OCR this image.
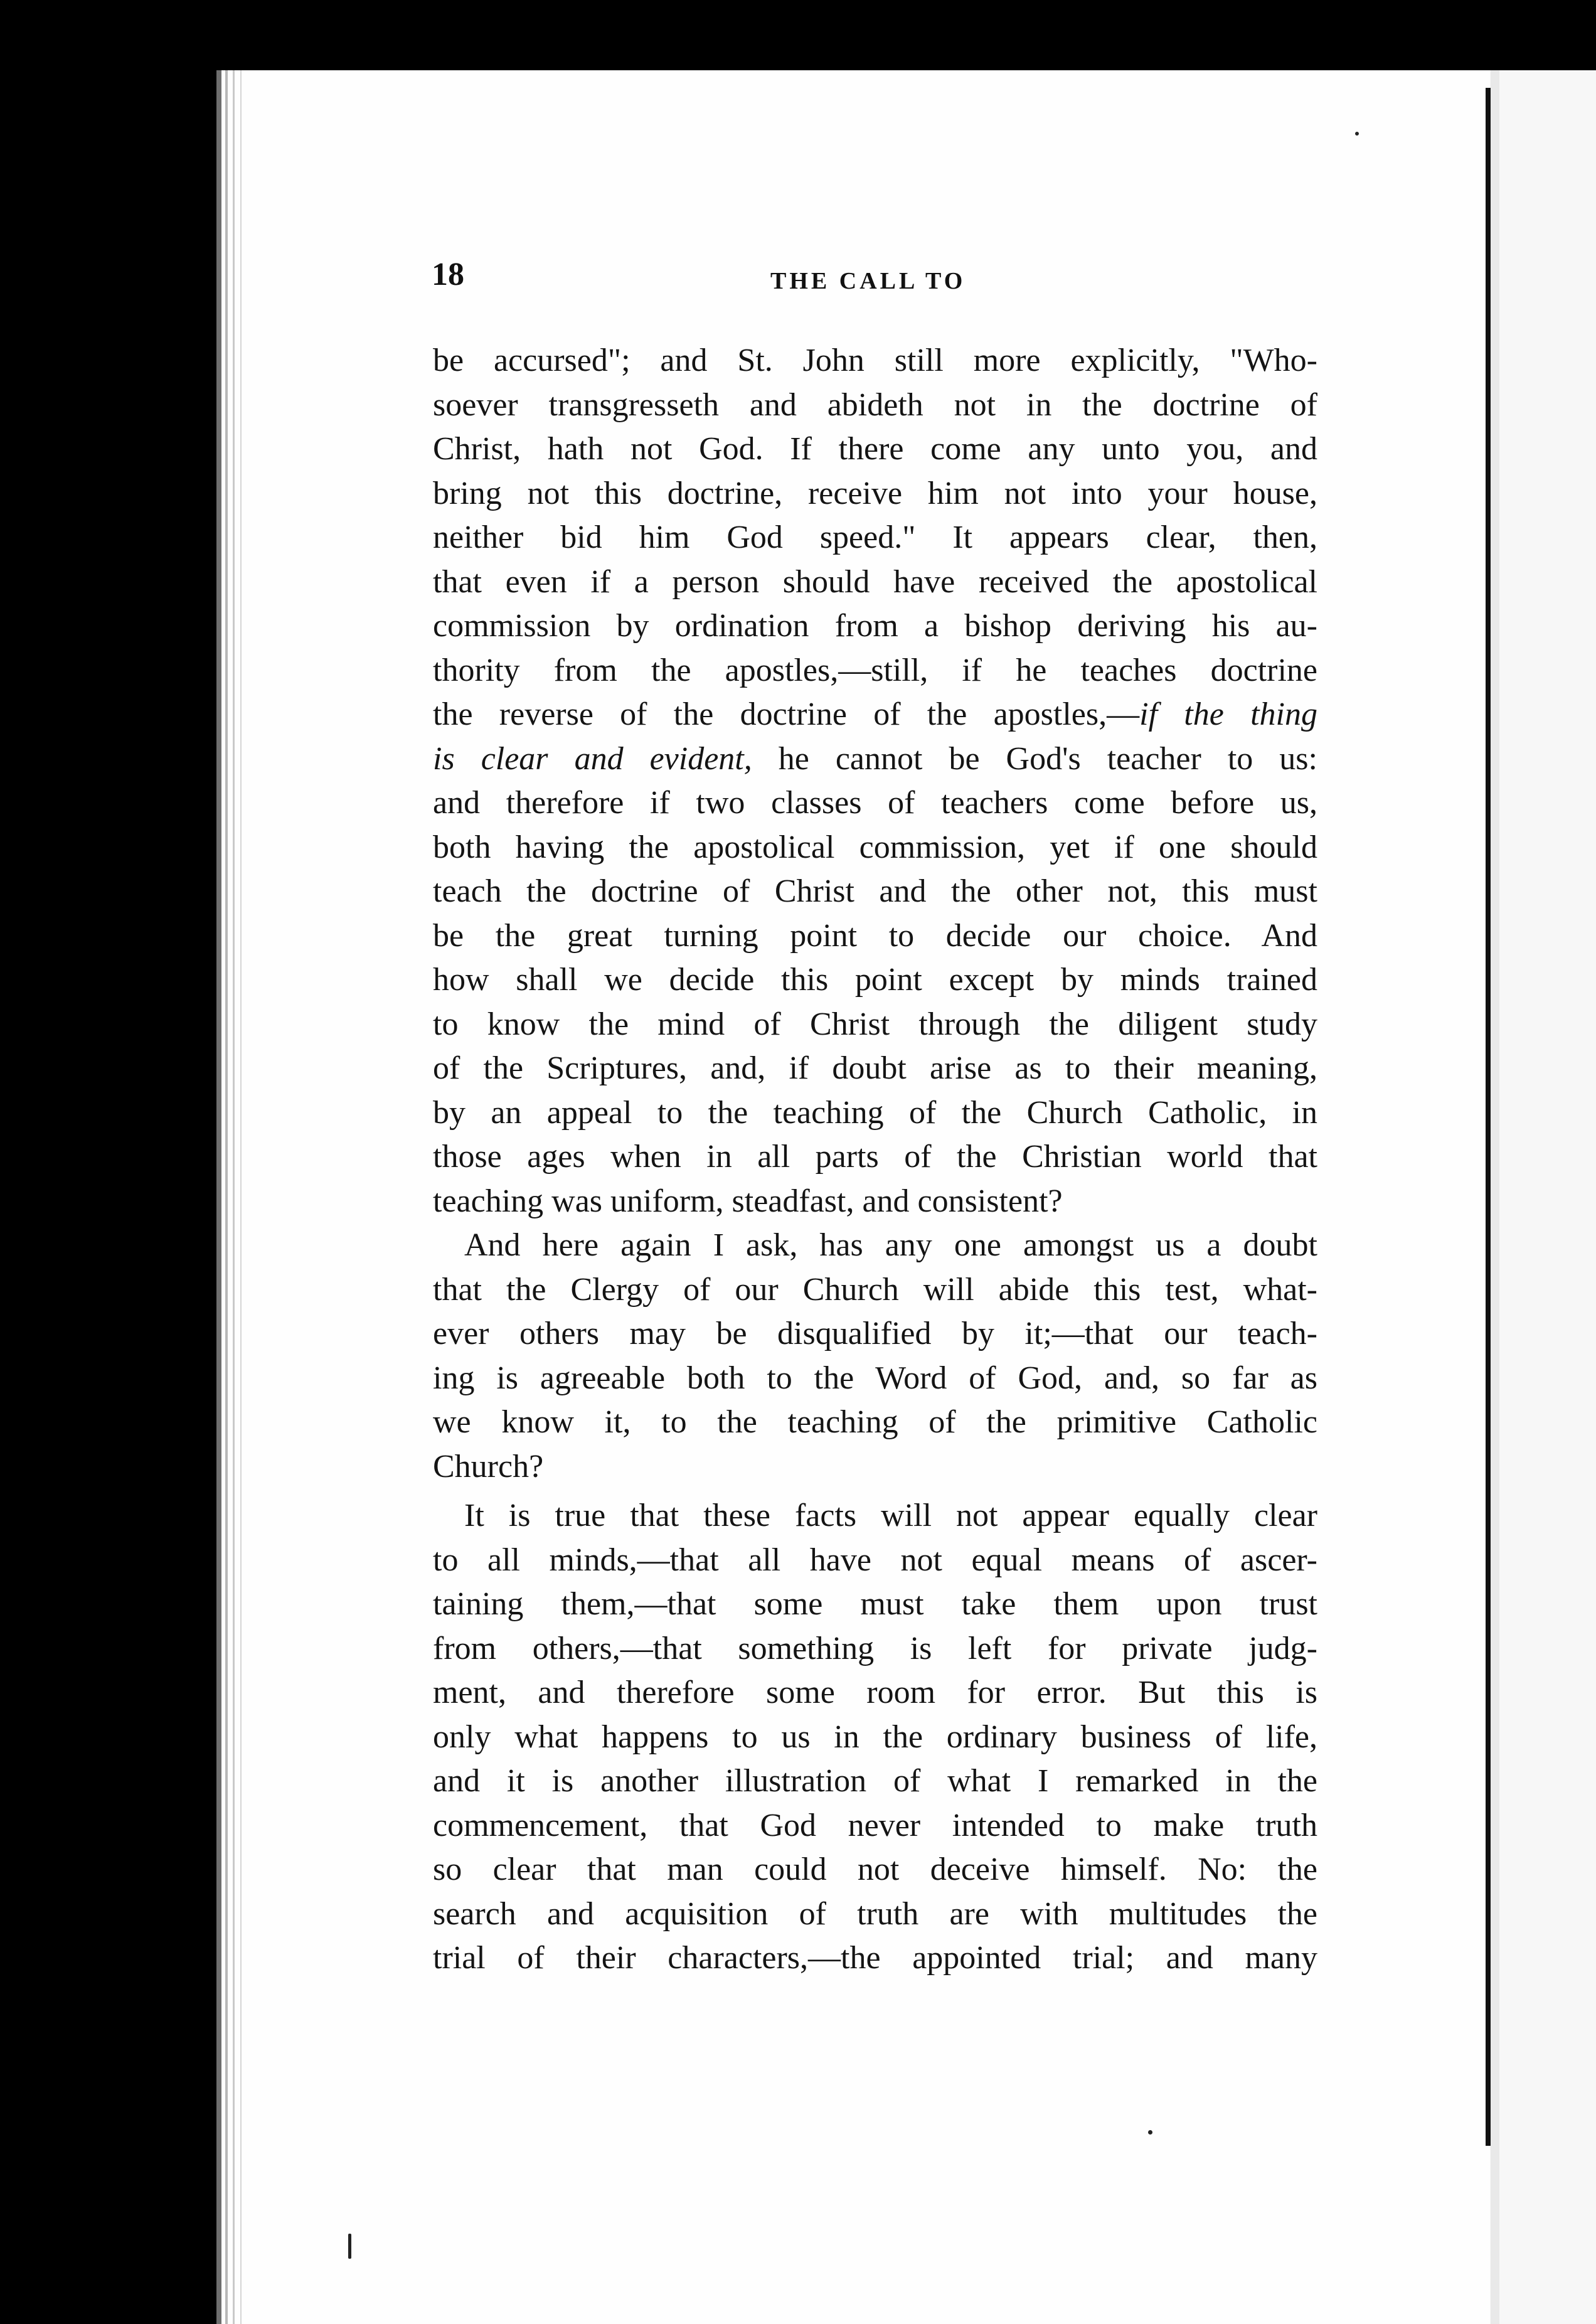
18	THE CALL TO
be accursed"; and St. John still more explicitly, "Who-
soever transgresseth and abideth not in the doctrine of
Christ, hath not God. If there come any unto you, and
bring not this doctrine, receive him not into your house,
neither bid him God speed." It appears clear, then,
that even if a person should have received the apostolical
commission by ordination from a bishop deriving his au-
thority from the apostles,—still, if he teaches doctrine
the reverse of the doctrine of the apostles,—if the thing
is clear and evident, he cannot be God's teacher to us:
and therefore if two classes of teachers come before us,
both having the apostolical commission, yet if one should
teach the doctrine of Christ and the other not, this must
be the great turning point to decide our choice. And
how shall we decide this point except by minds trained
to know the mind of Christ through the diligent study
of the Scriptures, and, if doubt arise as to their meaning,
by an appeal to the teaching of the Church Catholic, in
those ages when in all parts of the Christian world that
teaching was uniform, steadfast, and consistent?
And here again I ask, has any one amongst us a doubt
that the Clergy of our Church will abide this test, what-
ever others may be disqualified by it;—that our teach-
ing is agreeable both to the Word of God, and, so far as
we know it, to the teaching of the primitive Catholic
Church?
It is true that these facts will not appear equally clear
to all minds,—that all have not equal means of ascer-
taining them,—that some must take them upon trust
from others,—that something is left for private judg-
ment, and therefore some room for error. But this is
only what happens to us in the ordinary business of life,
and it is another illustration of what I remarked in the
commencement, that God never intended to make truth
so clear that man could not deceive himself. No: the
search and acquisition of truth are with multitudes the
trial of their characters,—the appointed trial; and many
